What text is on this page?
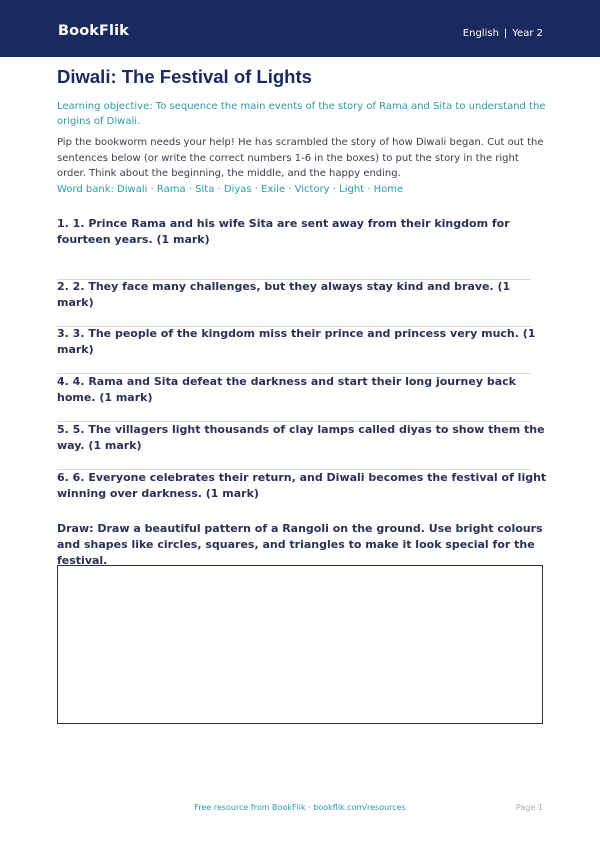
BookFlik	English | Year 2
Diwali: The Festival of Lights
Learning objective: To sequence the main events of the story of Rama and Sita to understand the origins of Diwali.
Pip the bookworm needs your help! He has scrambled the story of how Diwali began. Cut out the sentences below (or write the correct numbers 1-6 in the boxes) to put the story in the right order. Think about the beginning, the middle, and the happy ending.
Word bank: Diwali · Rama · Sita · Diyas · Exile · Victory · Light · Home
1. 1. Prince Rama and his wife Sita are sent away from their kingdom for fourteen years. (1 mark)
2. 2. They face many challenges, but they always stay kind and brave. (1 mark)
3. 3. The people of the kingdom miss their prince and princess very much. (1 mark)
4. 4. Rama and Sita defeat the darkness and start their long journey back home. (1 mark)
5. 5. The villagers light thousands of clay lamps called diyas to show them the way. (1 mark)
6. 6. Everyone celebrates their return, and Diwali becomes the festival of light winning over darkness. (1 mark)
Draw: Draw a beautiful pattern of a Rangoli on the ground. Use bright colours and shapes like circles, squares, and triangles to make it look special for the festival.
Free resource from BookFlik · bookflik.com/resources	Page 1
